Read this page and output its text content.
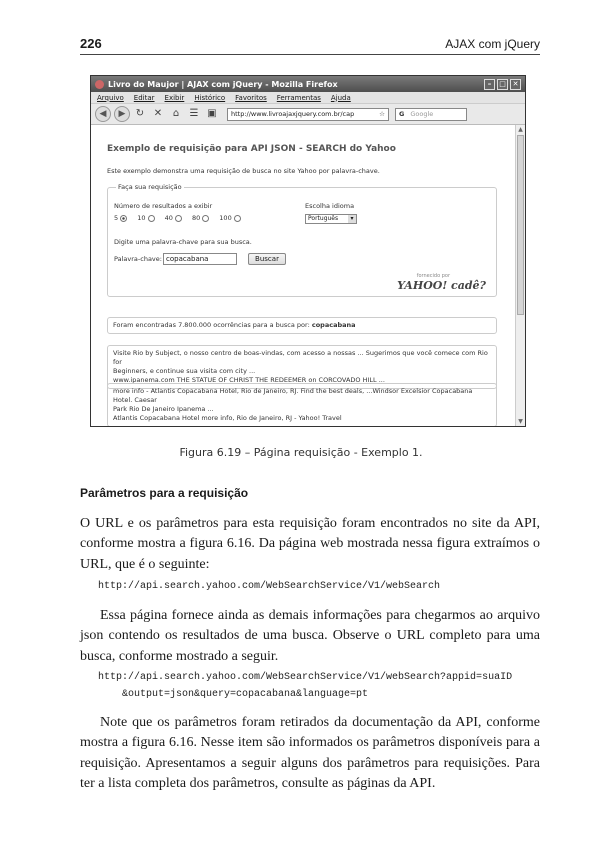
226	AJAX com jQuery
Livro do Maujor | AJAX com jQuery - Mozilla Firefox	–	□ ✕
Arquivo Editar Exibir Histórico Favoritos Ferramentas Ajuda
◀	▶	↻ ✕	⌂	☰ ▣	http://www.livroajaxjquery.com.br/cap	☆ G Google
Exemplo de requisição para API JSON - SEARCH do Yahoo
Este exemplo demonstra uma requisição de busca no site Yahoo por palavra-chave.
Faça sua requisição
Número de resultados a exibir
5	10	40	80	100
Escolha idioma
Português ▾
Digite uma palavra-chave para sua busca.
Palavra-chave: copacabana	Buscar
fornecido por
YAHOO! cadê?
Foram encontradas 7.800.000 ocorrências para a busca por: copacabana
Visite Rio by Subject, o nosso centro de boas-vindas, com acesso a nossas ... Sugerimos que você comece com Rio for
Beginners, e continue sua visita com city ...
www.ipanema.com THE STATUE OF CHRIST THE REDEEMER on CORCOVADO HILL ...
more info - Atlantis Copacabana Hotel, Rio de Janeiro, RJ. Find the best deals, ...Windsor Excelsior Copacabana Hotel. Caesar
Park Rio De Janeiro Ipanema ...
Atlantis Copacabana Hotel more info, Rio de Janeiro, RJ - Yahoo! Travel
▲
▼
Figura 6.19 – Página requisição - Exemplo 1.
Parâmetros para a requisição
O URL e os parâmetros para esta requisição foram encontrados no site da API, conforme mostra a figura 6.16. Da página web mostrada nessa figura extraímos o URL, que é o seguinte:
http://api.search.yahoo.com/WebSearchService/V1/webSearch
Essa página fornece ainda as demais informações para chegarmos ao arquivo json contendo os resultados de uma busca. Observe o URL completo para uma busca, conforme mostrado a seguir.
http://api.search.yahoo.com/WebSearchService/V1/webSearch?appid=suaID
&output=json&query=copacabana&language=pt
Note que os parâmetros foram retirados da documentação da API, conforme mostra a figura 6.16. Nesse item são informados os parâmetros disponíveis para a requisição. Apresentamos a seguir alguns dos parâmetros para requisições. Para ter a lista completa dos parâmetros, consulte as páginas da API.
